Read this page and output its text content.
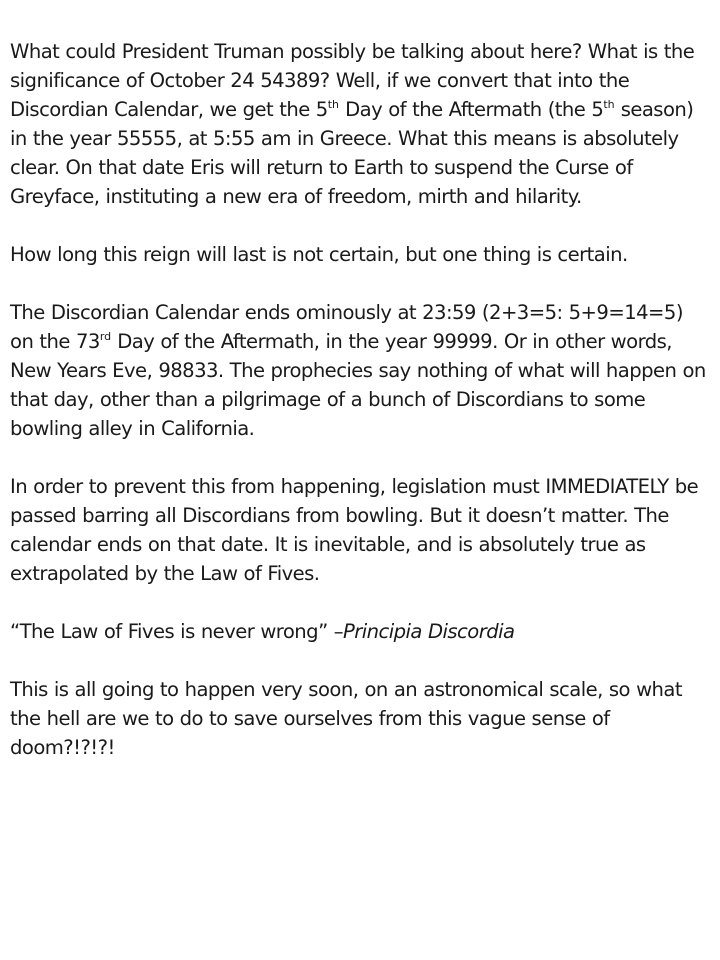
What could President Truman possibly be talking about here? What is the significance of October 24 54389? Well, if we convert that into the Discordian Calendar, we get the 5th Day of the Aftermath (the 5th season) in the year 55555, at 5:55 am in Greece. What this means is absolutely clear. On that date Eris will return to Earth to suspend the Curse of Greyface, instituting a new era of freedom, mirth and hilarity.

How long this reign will last is not certain, but one thing is certain.

The Discordian Calendar ends ominously at 23:59 (2+3=5: 5+9=14=5) on the 73rd Day of the Aftermath, in the year 99999. Or in other words, New Years Eve, 98833. The prophecies say nothing of what will happen on that day, other than a pilgrimage of a bunch of Discordians to some bowling alley in California.

In order to prevent this from happening, legislation must IMMEDIATELY be passed barring all Discordians from bowling. But it doesn’t matter. The calendar ends on that date. It is inevitable, and is absolutely true as extrapolated by the Law of Fives.

“The Law of Fives is never wrong” –Principia Discordia

This is all going to happen very soon, on an astronomical scale, so what the hell are we to do to save ourselves from this vague sense of doom?!?!?!
